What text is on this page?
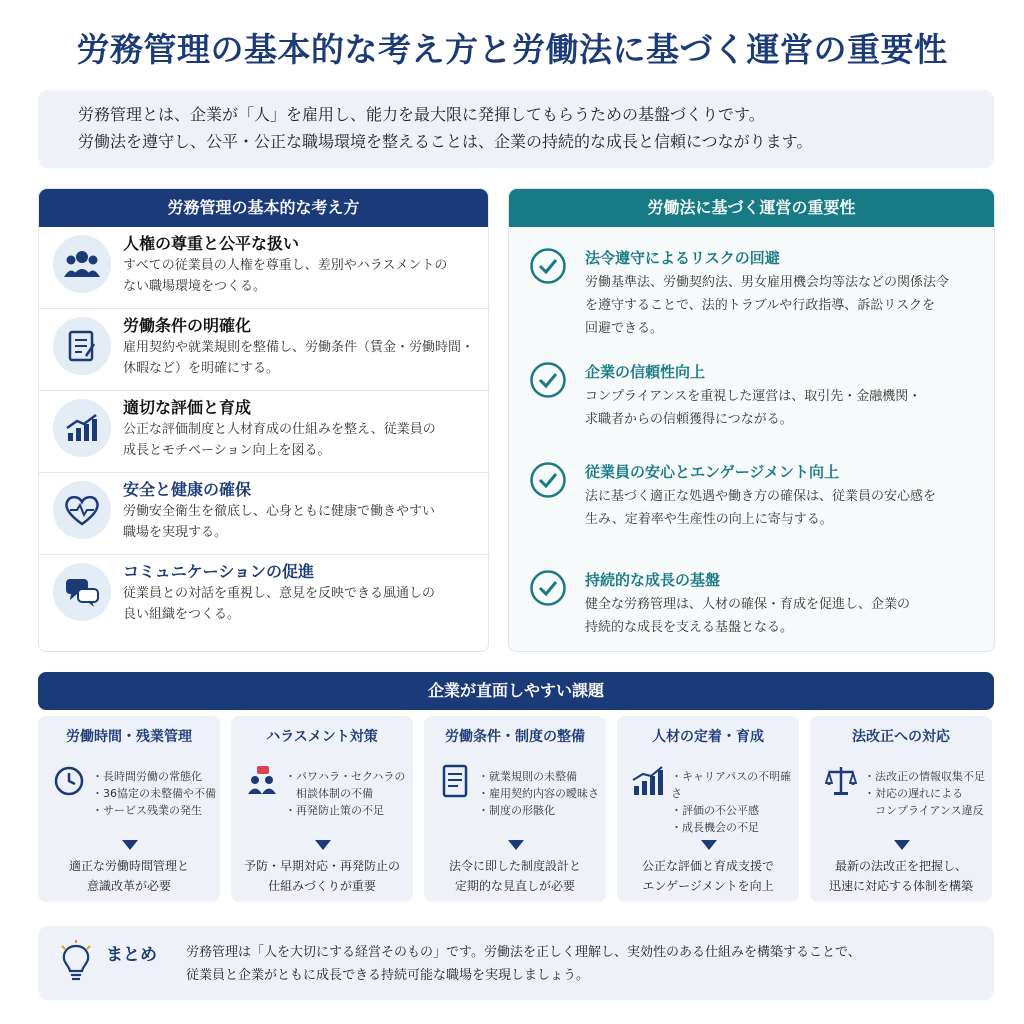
労務管理の基本的な考え方と労働法に基づく運営の重要性
労務管理とは、企業が「人」を雇用し、能力を最大限に発揮してもらうための基盤づくりです。
労働法を遵守し、公平・公正な職場環境を整えることは、企業の持続的な成長と信頼につながります。
労務管理の基本的な考え方
人権の尊重と公平な扱い
すべての従業員の人権を尊重し、差別やハラスメントの
ない職場環境をつくる。
労働条件の明確化
雇用契約や就業規則を整備し、労働条件（賃金・労働時間・
休暇など）を明確にする。
適切な評価と育成
公正な評価制度と人材育成の仕組みを整え、従業員の
成長とモチベーション向上を図る。
安全と健康の確保
労働安全衛生を徹底し、心身ともに健康で働きやすい
職場を実現する。
コミュニケーションの促進
従業員との対話を重視し、意見を反映できる風通しの
良い組織をつくる。
労働法に基づく運営の重要性
法令遵守によるリスクの回避
労働基準法、労働契約法、男女雇用機会均等法などの関係法令
を遵守することで、法的トラブルや行政指導、訴訟リスクを
回避できる。
企業の信頼性向上
コンプライアンスを重視した運営は、取引先・金融機関・
求職者からの信頼獲得につながる。
従業員の安心とエンゲージメント向上
法に基づく適正な処遇や働き方の確保は、従業員の安心感を
生み、定着率や生産性の向上に寄与する。
持続的な成長の基盤
健全な労務管理は、人材の確保・育成を促進し、企業の
持続的な成長を支える基盤となる。
企業が直面しやすい課題
労働時間・残業管理
・長時間労働の常態化
・36協定の未整備や不備
・サービス残業の発生
適正な労働時間管理と
意識改革が必要
ハラスメント対策
・パワハラ・セクハラの
　相談体制の不備
・再発防止策の不足
予防・早期対応・再発防止の
仕組みづくりが重要
労働条件・制度の整備
・就業規則の未整備
・雇用契約内容の曖昧さ
・制度の形骸化
法令に即した制度設計と
定期的な見直しが必要
人材の定着・育成
・キャリアパスの不明確さ
・評価の不公平感
・成長機会の不足
公正な評価と育成支援で
エンゲージメントを向上
法改正への対応
・法改正の情報収集不足
・対応の遅れによる
　コンプライアンス違反
最新の法改正を把握し、
迅速に対応する体制を構築
まとめ 労務管理は「人を大切にする経営そのもの」です。労働法を正しく理解し、実効性のある仕組みを構築することで、
従業員と企業がともに成長できる持続可能な職場を実現しましょう。
